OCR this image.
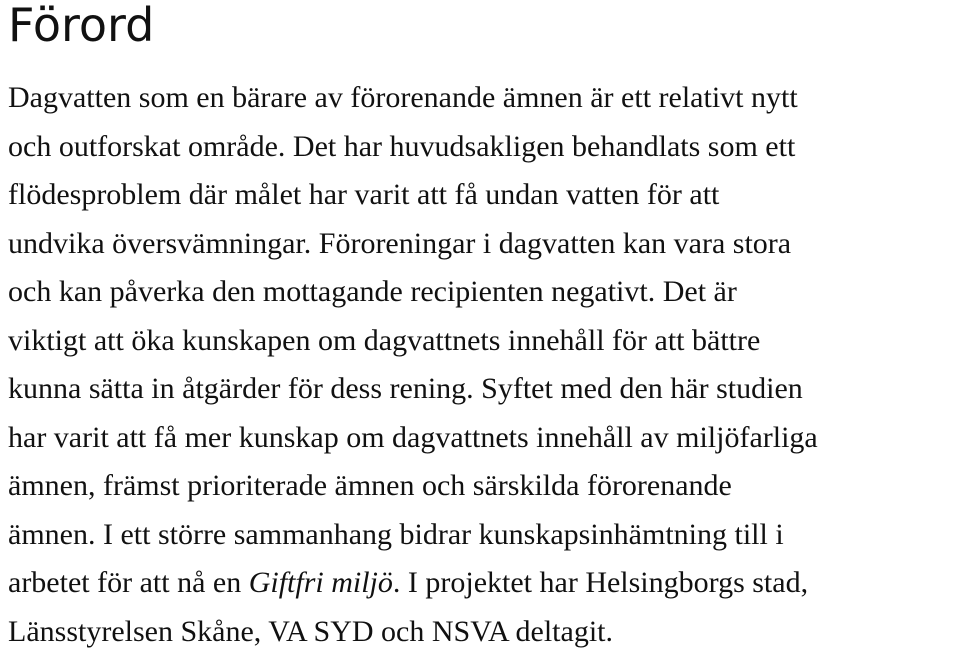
Förord
Dagvatten som en bärare av förorenande ämnen är ett relativt nytt
och outforskat område. Det har huvudsakligen behandlats som ett
flödesproblem där målet har varit att få undan vatten för att
undvika översvämningar. Föroreningar i dagvatten kan vara stora
och kan påverka den mottagande recipienten negativt. Det är
viktigt att öka kunskapen om dagvattnets innehåll för att bättre
kunna sätta in åtgärder för dess rening. Syftet med den här studien
har varit att få mer kunskap om dagvattnets innehåll av miljöfarliga
ämnen, främst prioriterade ämnen och särskilda förorenande
ämnen. I ett större sammanhang bidrar kunskapsinhämtning till i
arbetet för att nå en Giftfri miljö. I projektet har Helsingborgs stad,
Länsstyrelsen Skåne, VA SYD och NSVA deltagit.
